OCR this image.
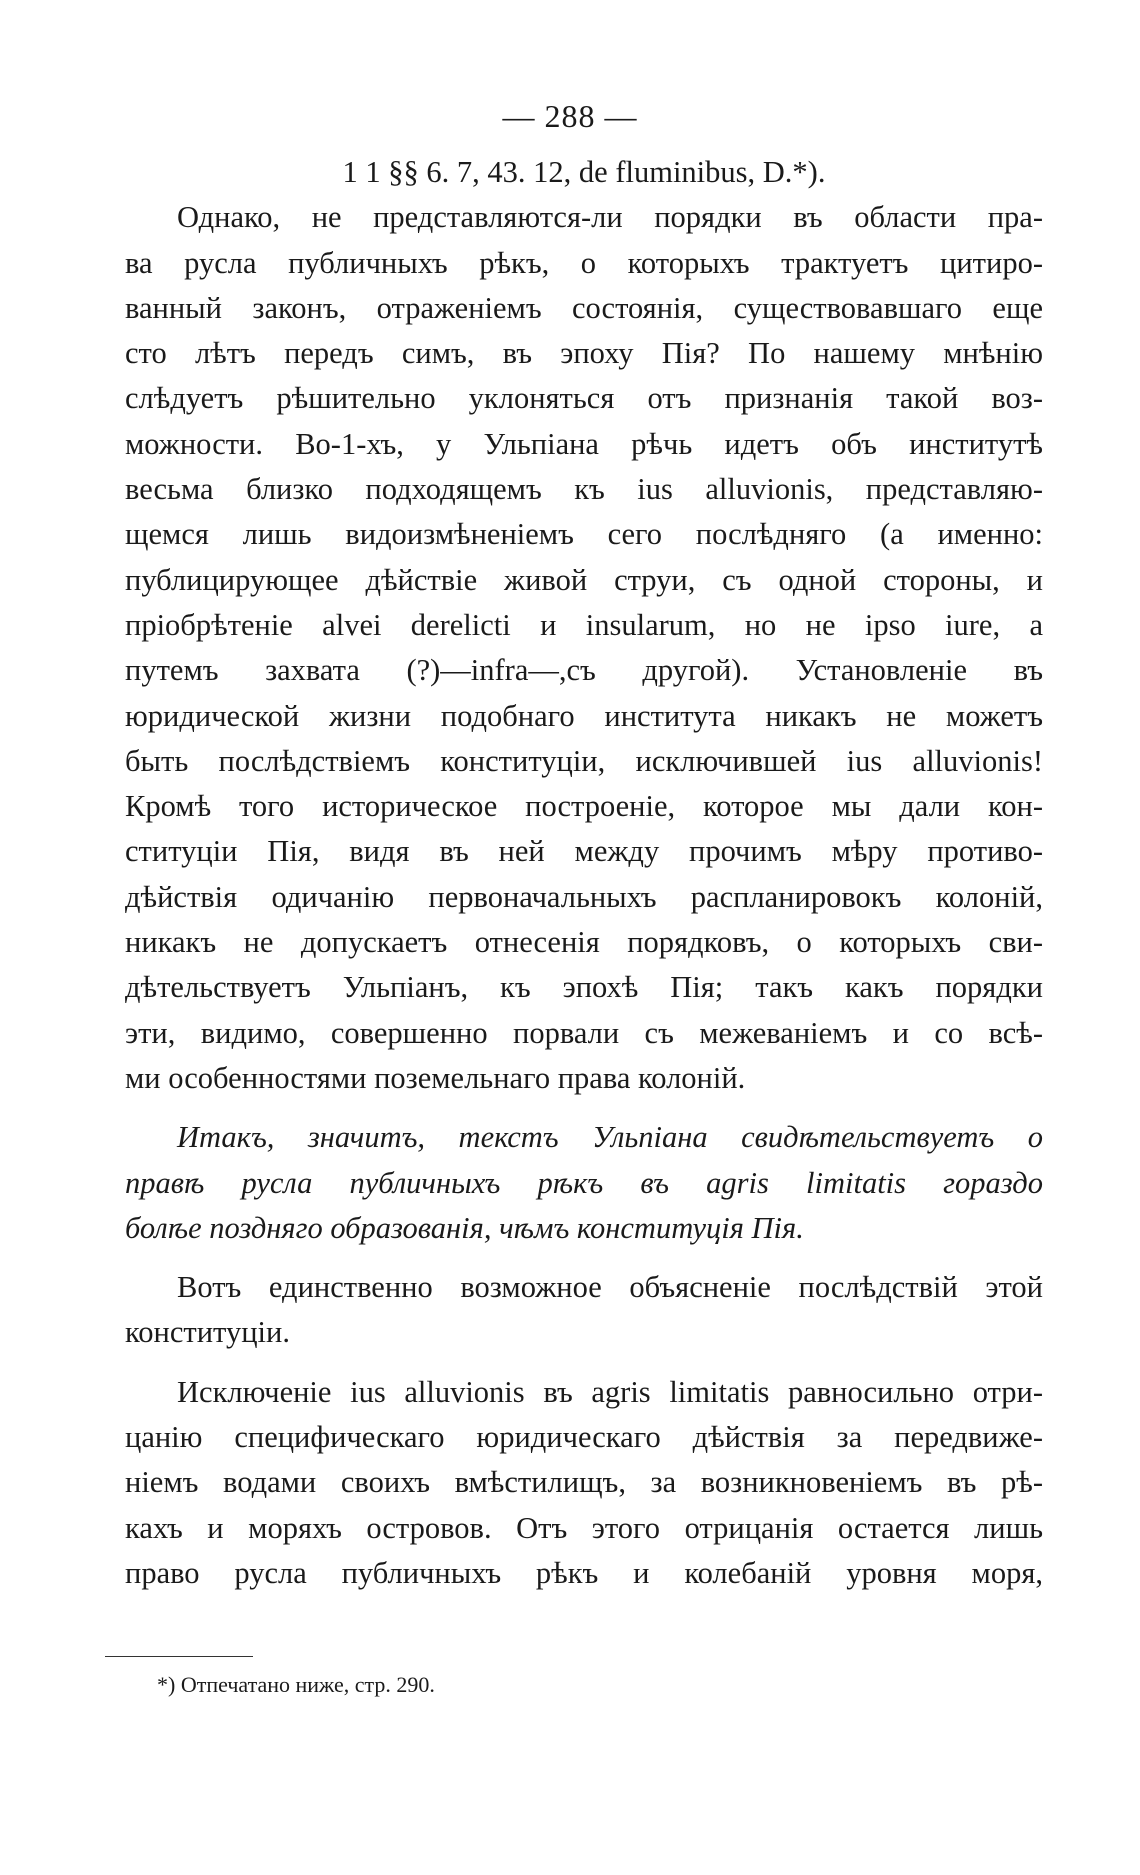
— 288 —
1 1 §§ 6. 7, 43. 12, de fluminibus, D.*).
Однако, не представляются-ли порядки въ области пра-
ва русла публичныхъ рѣкъ, о которыхъ трактуетъ цитиро-
ванный законъ, отраженіемъ состоянія, существовавшаго еще
сто лѣтъ передъ симъ, въ эпоху Пія? По нашему мнѣнію
слѣдуетъ рѣшительно уклоняться отъ признанія такой воз-
можности. Во-1-хъ, у Ульпіана рѣчь идетъ объ институтѣ
весьма близко подходящемъ къ ius alluvionis, представляю-
щемся лишь видоизмѣненіемъ сего послѣдняго (а именно:
публицирующее дѣйствіе живой струи, съ одной стороны, и
пріобрѣтеніе alvei derelicti и insularum, но не ipso iure, а
путемъ захвата (?)—infra—,съ другой). Установленіе въ
юридической жизни подобнаго института никакъ не можетъ
быть послѣдствіемъ конституціи, исключившей ius alluvionis!
Кромѣ того историческое построеніе, которое мы дали кон-
ституціи Пія, видя въ ней между прочимъ мѣру противо-
дѣйствія одичанію первоначальныхъ распланировокъ колоній,
никакъ не допускаетъ отнесенія порядковъ, о которыхъ сви-
дѣтельствуетъ Ульпіанъ, къ эпохѣ Пія; такъ какъ порядки
эти, видимо, совершенно порвали съ межеваніемъ и со всѣ-
ми особенностями поземельнаго права колоній.
Итакъ, значитъ, текстъ Ульпіана свидѣтельствуетъ о
правѣ русла публичныхъ рѣкъ въ agris limitatis гораздо
болѣе поздняго образованія, чѣмъ конституція Пія.
Вотъ единственно возможное объясненіе послѣдствій этой
конституціи.
Исключеніе ius alluvionis въ agris limitatis равносильно отри-
цанію специфическаго юридическаго дѣйствія за передвиже-
ніемъ водами своихъ вмѣстилищъ, за возникновеніемъ въ рѣ-
кахъ и моряхъ островов. Отъ этого отрицанія остается лишь
право русла публичныхъ рѣкъ и колебаній уровня моря,
*) Отпечатано ниже, стр. 290.
